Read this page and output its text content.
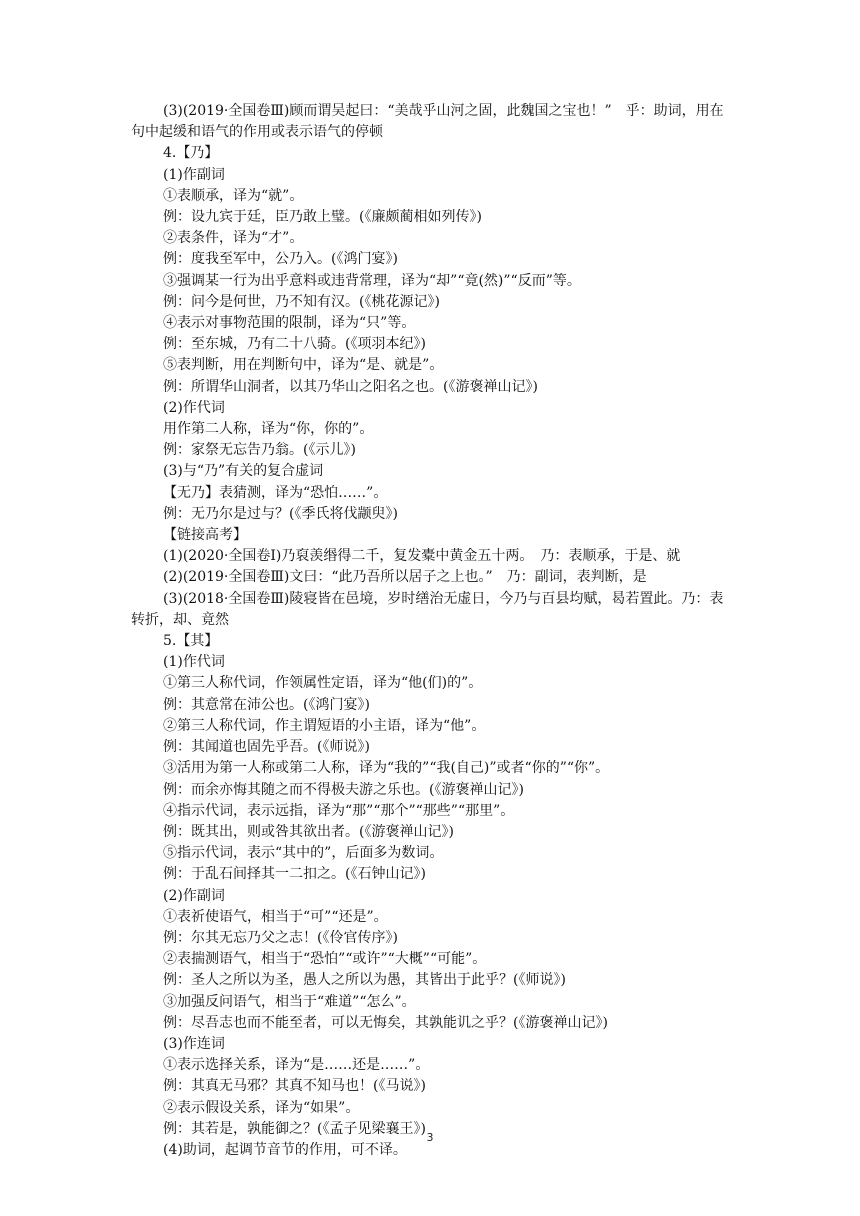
(3)(2019·全国卷Ⅲ)顾而谓吴起曰：“美哉乎山河之固，此魏国之宝也！”　乎：助词，用在句中起缓和语气的作用或表示语气的停顿
4.【乃】
(1)作副词
①表顺承，译为“就”。
例：设九宾于廷，臣乃敢上璧。(《廉颇蔺相如列传》)
②表条件，译为“才”。
例：度我至军中，公乃入。(《鸿门宴》)
③强调某一行为出乎意料或违背常理，译为“却”“竟(然)”“反而”等。
例：问今是何世，乃不知有汉。(《桃花源记》)
④表示对事物范围的限制，译为“只”等。
例：至东城，乃有二十八骑。(《项羽本纪》)
⑤表判断，用在判断句中，译为“是、就是”。
例：所谓华山洞者，以其乃华山之阳名之也。(《游褒禅山记》)
(2)作代词
用作第二人称，译为“你，你的”。
例：家祭无忘告乃翁。(《示儿》)
(3)与“乃”有关的复合虚词
【无乃】表猜测，译为“恐怕……”。
例：无乃尔是过与？(《季氏将伐颛臾》)
【链接高考】
(1)(2020·全国卷Ⅰ)乃裒羡缗得二千，复发橐中黄金五十两。　乃：表顺承，于是、就
(2)(2019·全国卷Ⅲ)文曰：“此乃吾所以居子之上也。”　乃：副词，表判断，是
(3)(2018·全国卷Ⅲ)陵寝皆在邑境，岁时缮治无虚日，今乃与百县均赋，曷若置此。乃：表转折，却、竟然
5.【其】
(1)作代词
①第三人称代词，作领属性定语，译为“他(们)的”。
例：其意常在沛公也。(《鸿门宴》)
②第三人称代词，作主谓短语的小主语，译为“他”。
例：其闻道也固先乎吾。(《师说》)
③活用为第一人称或第二人称，译为“我的”“我(自己)”或者“你的”“你”。
例：而余亦悔其随之而不得极夫游之乐也。(《游褒禅山记》)
④指示代词，表示远指，译为“那”“那个”“那些”“那里”。
例：既其出，则或咎其欲出者。(《游褒禅山记》)
⑤指示代词，表示“其中的”，后面多为数词。
例：于乱石间择其一二扣之。(《石钟山记》)
(2)作副词
①表祈使语气，相当于“可”“还是”。
例：尔其无忘乃父之志！(《伶官传序》)
②表揣测语气，相当于“恐怕”“或许”“大概”“可能”。
例：圣人之所以为圣，愚人之所以为愚，其皆出于此乎？(《师说》)
③加强反问语气，相当于“难道”“怎么”。
例：尽吾志也而不能至者，可以无悔矣，其孰能讥之乎？(《游褒禅山记》)
(3)作连词
①表示选择关系，译为“是……还是……”。
例：其真无马邪？其真不知马也！(《马说》)
②表示假设关系，译为“如果”。
例：其若是，孰能御之？(《孟子见梁襄王》)
(4)助词，起调节音节的作用，可不译。
3
